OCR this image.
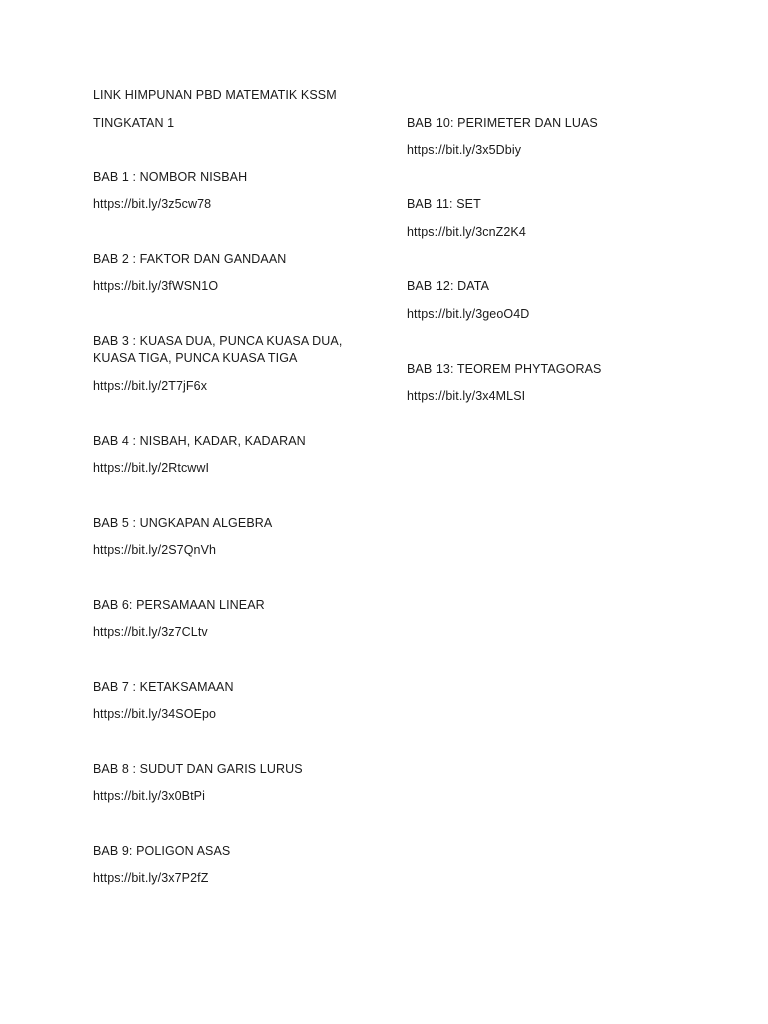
LINK HIMPUNAN PBD MATEMATIK KSSM
TINGKATAN 1
BAB 1 : NOMBOR NISBAH
https://bit.ly/3z5cw78
BAB 2 : FAKTOR DAN GANDAAN
https://bit.ly/3fWSN1O
BAB 3 : KUASA DUA, PUNCA KUASA DUA, KUASA TIGA, PUNCA KUASA TIGA
https://bit.ly/2T7jF6x
BAB 4 : NISBAH, KADAR, KADARAN
https://bit.ly/2RtcwwI
BAB 5 : UNGKAPAN ALGEBRA
https://bit.ly/2S7QnVh
BAB 6: PERSAMAAN LINEAR
https://bit.ly/3z7CLtv
BAB 7 : KETAKSAMAAN
https://bit.ly/34SOEpo
BAB 8 : SUDUT DAN GARIS LURUS
https://bit.ly/3x0BtPi
BAB 9: POLIGON ASAS
https://bit.ly/3x7P2fZ
BAB 10: PERIMETER DAN LUAS
https://bit.ly/3x5Dbiy
BAB 11: SET
https://bit.ly/3cnZ2K4
BAB 12: DATA
https://bit.ly/3geoO4D
BAB 13: TEOREM PHYTAGORAS
https://bit.ly/3x4MLSI
